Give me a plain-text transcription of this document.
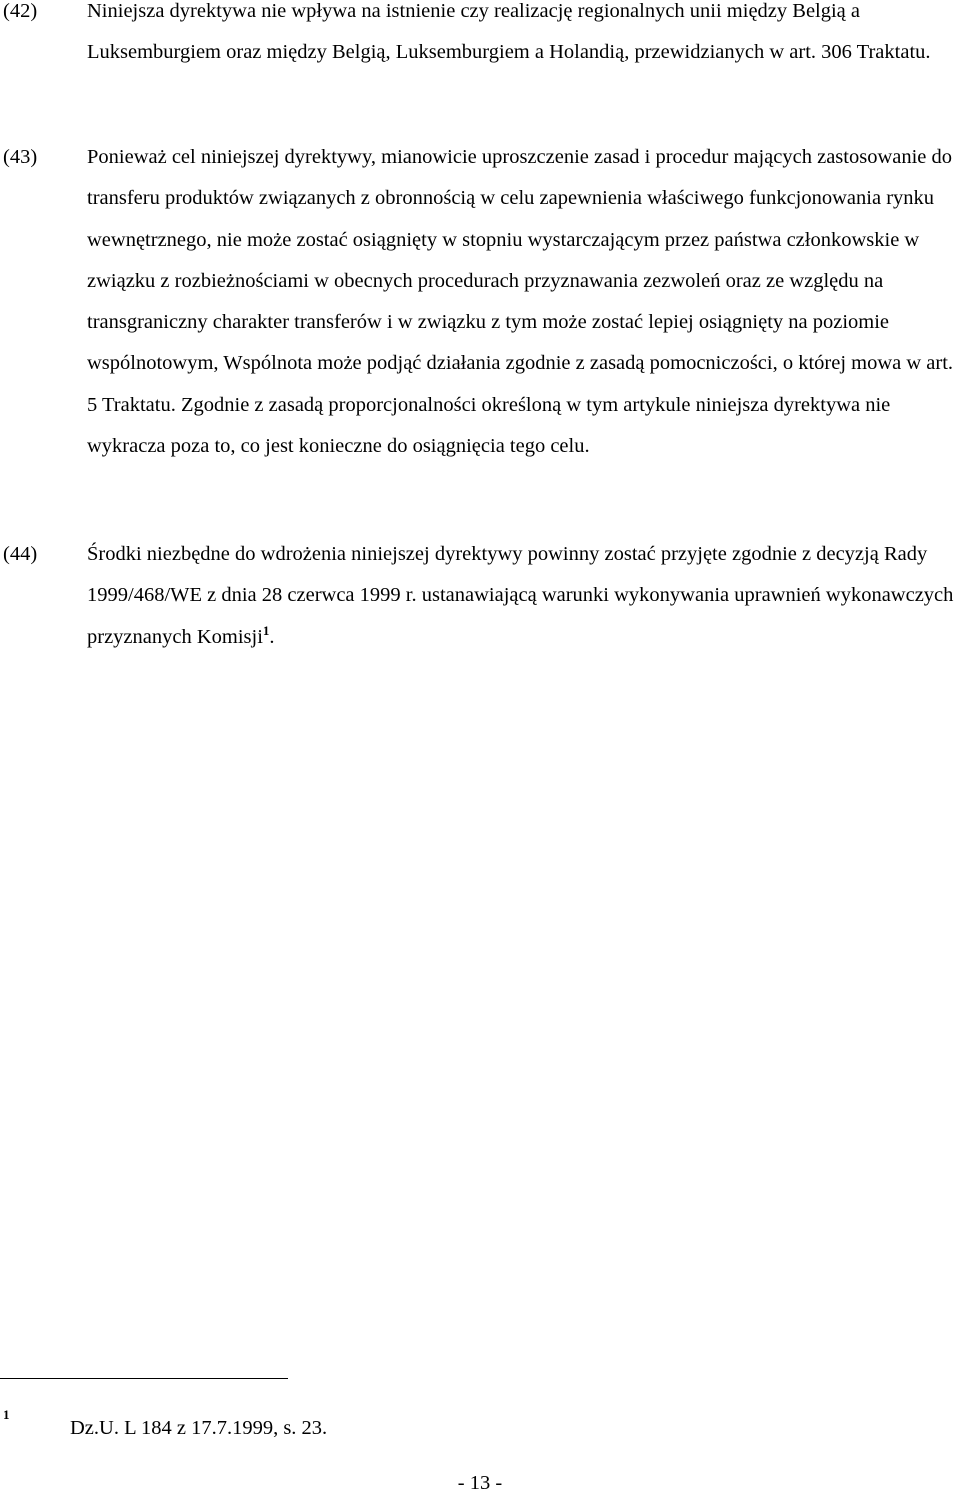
(42)	Niniejsza dyrektywa nie wpływa na istnienie czy realizację regionalnych unii między Belgią a Luksemburgiem oraz między Belgią, Luksemburgiem a Holandią, przewidzianych w art. 306 Traktatu.
(43)	Ponieważ cel niniejszej dyrektywy, mianowicie uproszczenie zasad i procedur mających zastosowanie do transferu produktów związanych z obronnością w celu zapewnienia właściwego funkcjonowania rynku wewnętrznego, nie może zostać osiągnięty w stopniu wystarczającym przez państwa członkowskie w związku z rozbieżnościami w obecnych procedurach przyznawania zezwoleń oraz ze względu na transgraniczny charakter transferów i w związku z tym może zostać lepiej osiągnięty na poziomie wspólnotowym, Wspólnota może podjąć działania zgodnie z zasadą pomocniczości, o której mowa w art. 5 Traktatu. Zgodnie z zasadą proporcjonalności określoną w tym artykule niniejsza dyrektywa nie wykracza poza to, co jest konieczne do osiągnięcia tego celu.
(44)	Środki niezbędne do wdrożenia niniejszej dyrektywy powinny zostać przyjęte zgodnie z decyzją Rady 1999/468/WE z dnia 28 czerwca 1999 r. ustanawiającą warunki wykonywania uprawnień wykonawczych przyznanych Komisji$^1$.
1
Dz.U. L 184 z 17.7.1999, s. 23.
- 13 -
